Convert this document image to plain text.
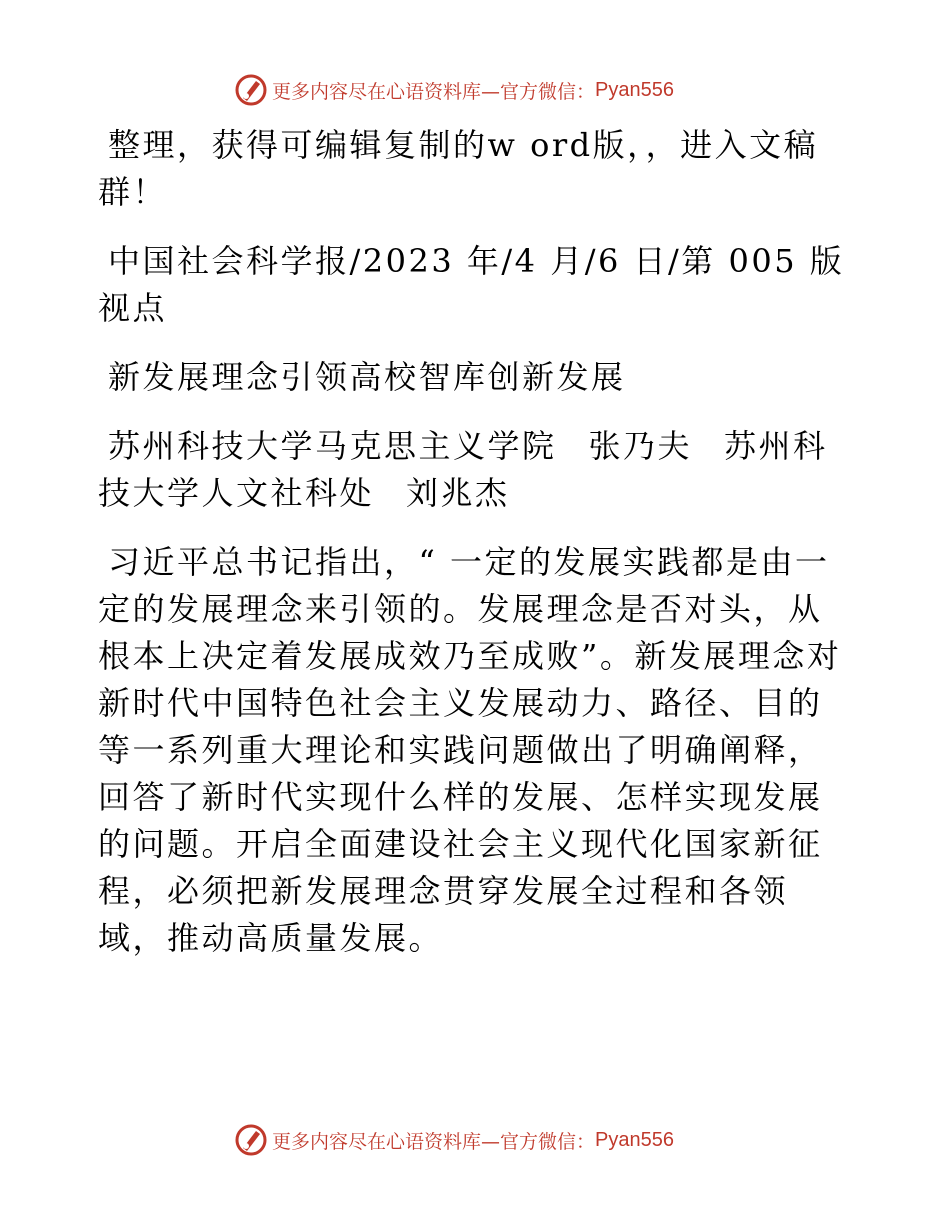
更多内容尽在心语资料库—官方微信： Pyan556

整理，获得可编辑复制的w ord版，，进入文稿群！

中国社会科学报/2023 年/4 月/6 日/第 005 版视点

新发展理念引领高校智库创新发展

苏州科技大学马克思主义学院 张乃夫 苏州科技大学人文社科处 刘兆杰

习近平总书记指出，“ 一定的发展实践都是由一定的发展理念来引领的。发展理念是否对头，从根本上决定着发展成效乃至成败”。新发展理念对新时代中国特色社会主义发展动力、路径、目的等一系列重大理论和实践问题做出了明确阐释，回答了新时代实现什么样的发展、怎样实现发展的问题。开启全面建设社会主义现代化国家新征程，必须把新发展理念贯穿发展全过程和各领域，推动高质量发展。

更多内容尽在心语资料库—官方微信： Pyan556
